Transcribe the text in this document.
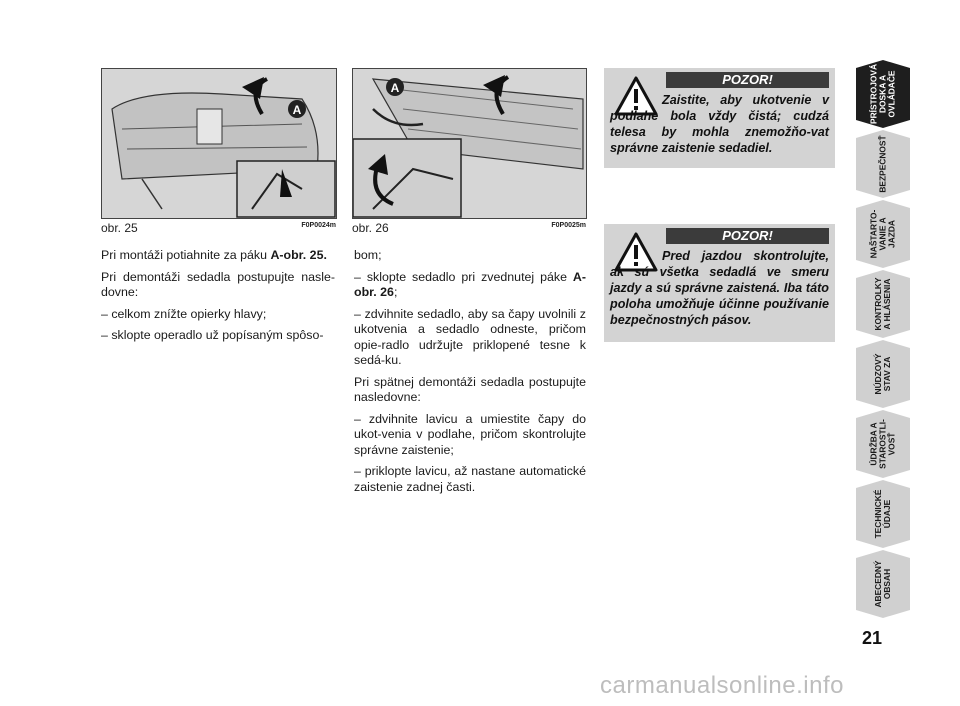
A
obr. 25	F0P0024m
A
obr. 26	F0P0025m

Pri montáži potiahnite za páku A-obr. 25.

Pri demontáži sedadla postupujte nasle-dovne:

– celkom znížte opierky hlavy;

– sklopte operadlo už popísaným spôso-

bom;

– sklopte sedadlo pri zvednutej páke A-obr. 26;

– zdvihnite sedadlo, aby sa čapy uvolnili z ukotvenia a sedadlo odneste, pričom opie-radlo udržujte priklopené tesne k sedá-ku.

Pri spätnej demontáži sedadla postupujte nasledovne:

– zdvihnite lavicu a umiestite čapy do ukot-venia v podlahe, pričom skontrolujte správne zaistenie;

– priklopte lavicu, až nastane automatické zaistenie zadnej časti.

POZOR!
Zaistite, aby ukotvenie v podlahe bola vždy čistá; cudzá telesa by mohla znemožňo-vat správne zaistenie sedadiel.
POZOR!
Pred jazdou skontrolujte, ak sú všetka sedadlá ve smeru jazdy a sú správne zaistená. Iba táto poloha umožňuje účinne používanie bezpečnostných pásov.
PRÍSTROJOVÁ
DOSKA A
OVLÁDAČE
BEZPEČNOSŤ
NAŠTARTO-
VANIE A
JAZDA
KONTROLKY
A HLÁSENIA
NÚDZOVÝ
STAV ZA
ÚDRŽBA A
STAROSTLI-
VOSŤ
TECHNICKÉ
ÚDAJE
ABECEDNÝ
OBSAH
21
carmanualsonline.info
